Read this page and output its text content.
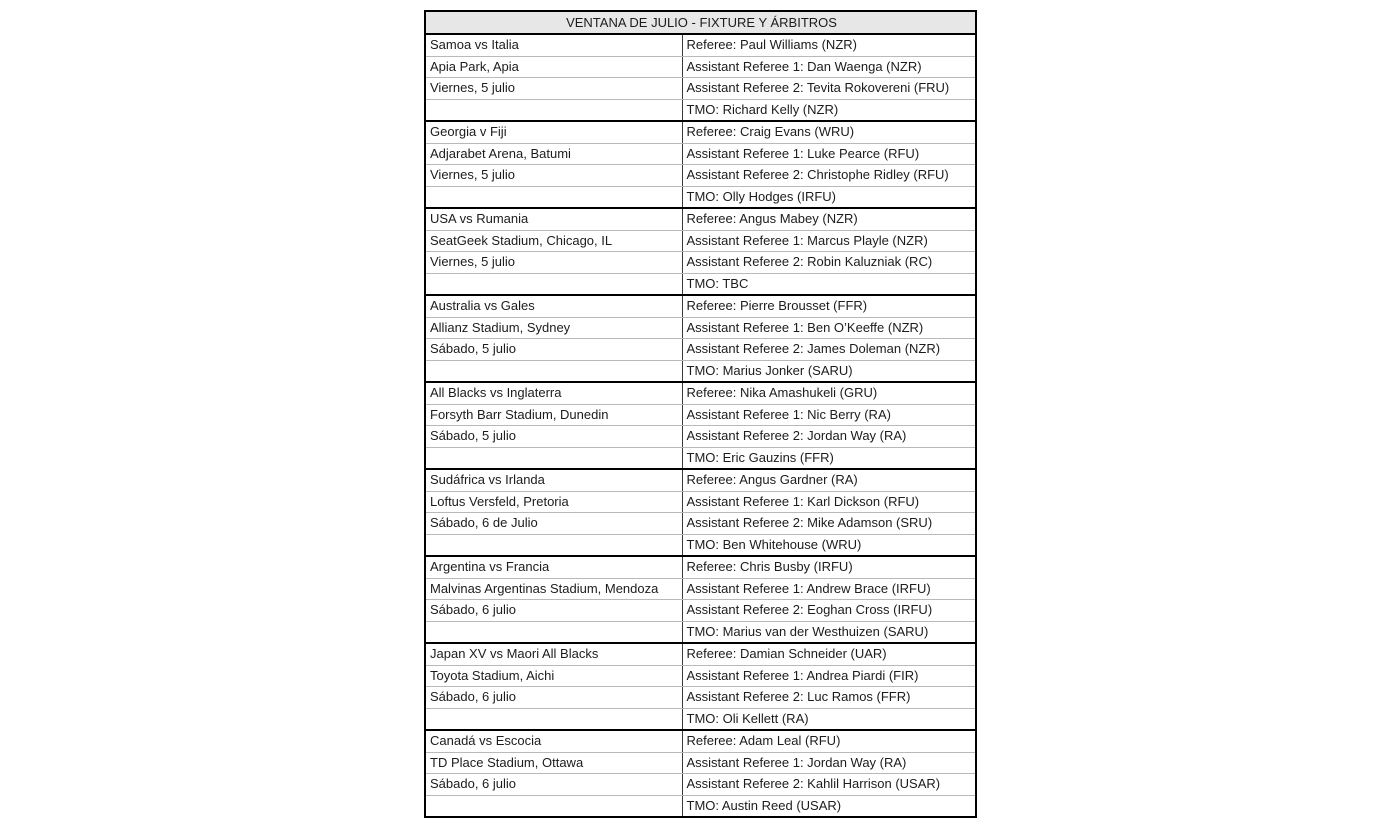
VENTANA DE JULIO - FIXTURE Y ÁRBITROS	
Samoa vs Italia	Referee: Paul Williams (NZR)
Apia Park, Apia	Assistant Referee 1: Dan Waenga (NZR)
Viernes, 5 julio	Assistant Referee 2: Tevita Rokovereni (FRU)
	TMO: Richard Kelly (NZR)
Georgia v Fiji	Referee: Craig Evans (WRU)
Adjarabet Arena, Batumi	Assistant Referee 1: Luke Pearce (RFU)
Viernes, 5 julio	Assistant Referee 2: Christophe Ridley (RFU)
	TMO: Olly Hodges (IRFU)
USA vs Rumania	Referee: Angus Mabey (NZR)
SeatGeek Stadium, Chicago, IL	Assistant Referee 1: Marcus Playle (NZR)
Viernes, 5 julio	Assistant Referee 2: Robin Kaluzniak (RC)
	TMO: TBC
Australia vs Gales	Referee: Pierre Brousset (FFR)
Allianz Stadium, Sydney	Assistant Referee 1: Ben O’Keeffe (NZR)
Sábado, 5 julio	Assistant Referee 2: James Doleman (NZR)
	TMO: Marius Jonker (SARU)
All Blacks vs Inglaterra	Referee: Nika Amashukeli (GRU)
Forsyth Barr Stadium, Dunedin	Assistant Referee 1: Nic Berry (RA)
Sábado, 5 julio	Assistant Referee 2: Jordan Way (RA)
	TMO: Eric Gauzins (FFR)
Sudáfrica vs Irlanda	Referee: Angus Gardner (RA)
Loftus Versfeld, Pretoria	Assistant Referee 1: Karl Dickson (RFU)
Sábado, 6 de Julio	Assistant Referee 2: Mike Adamson (SRU)
	TMO: Ben Whitehouse (WRU)
Argentina vs Francia	Referee: Chris Busby (IRFU)
Malvinas Argentinas Stadium, Mendoza	Assistant Referee 1: Andrew Brace (IRFU)
Sábado, 6 julio	Assistant Referee 2: Eoghan Cross (IRFU)
	TMO: Marius van der Westhuizen (SARU)
Japan XV vs Maori All Blacks	Referee: Damian Schneider (UAR)
Toyota Stadium, Aichi	Assistant Referee 1: Andrea Piardi (FIR)
Sábado, 6 julio	Assistant Referee 2: Luc Ramos (FFR)
	TMO: Oli Kellett (RA)
Canadá vs Escocia	Referee: Adam Leal (RFU)
TD Place Stadium, Ottawa	Assistant Referee 1: Jordan Way (RA)
Sábado, 6 julio	Assistant Referee 2: Kahlil Harrison (USAR)
	TMO: Austin Reed (USAR)
